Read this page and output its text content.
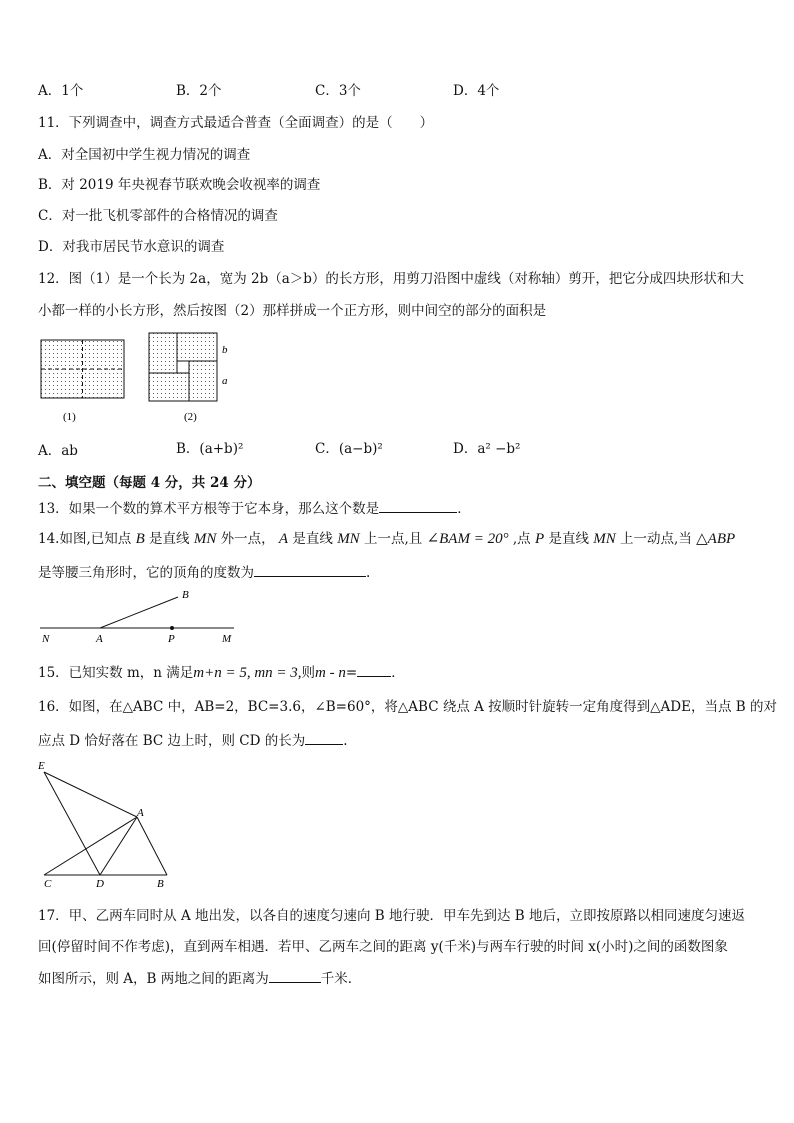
A．1个	B．2个	C．3个	D．4个
11．下列调查中，调查方式最适合普查（全面调查）的是（　　）
A．对全国初中学生视力情况的调查
B．对 2019 年央视春节联欢晚会收视率的调查
C．对一批飞机零部件的合格情况的调查
D．对我市居民节水意识的调查
12．图（1）是一个长为 2a，宽为 2b（a＞b）的长方形，用剪刀沿图中虚线（对称轴）剪开，把它分成四块形状和大
小都一样的小长方形，然后按图（2）那样拼成一个正方形，则中间空的部分的面积是
b
a
(1)	(2)
A．ab	B．(a+b)²	C．(a−b)²	D．a² −b²
二、填空题（每题 4 分，共 24 分）
13．如果一个数的算术平方根等于它本身，那么这个数是	．
14.如图,已知点 B 是直线 MN 外一点， A 是直线 MN 上一点,且 ∠BAM = 20° ,点 P 是直线 MN 上一动点,当 △ABP
是等腰三角形时，它的顶角的度数为	.
B
N	A	P	M
15．已知实数 m，n 满足m+n = 5, mn = 3,则m - n=	．
16．如图，在△ABC 中，AB=2，BC=3.6，∠B=60°，将△ABC 绕点 A 按顺时针旋转一定角度得到△ADE，当点 B 的对
应点 D 恰好落在 BC 边上时，则 CD 的长为	.
E
A
C	D	B
17．甲、乙两车同时从 A 地出发，以各自的速度匀速向 B 地行驶．甲车先到达 B 地后，立即按原路以相同速度匀速返
回(停留时间不作考虑)，直到两车相遇．若甲、乙两车之间的距离 y(千米)与两车行驶的时间 x(小时)之间的函数图象
如图所示，则 A，B 两地之间的距离为	千米．
